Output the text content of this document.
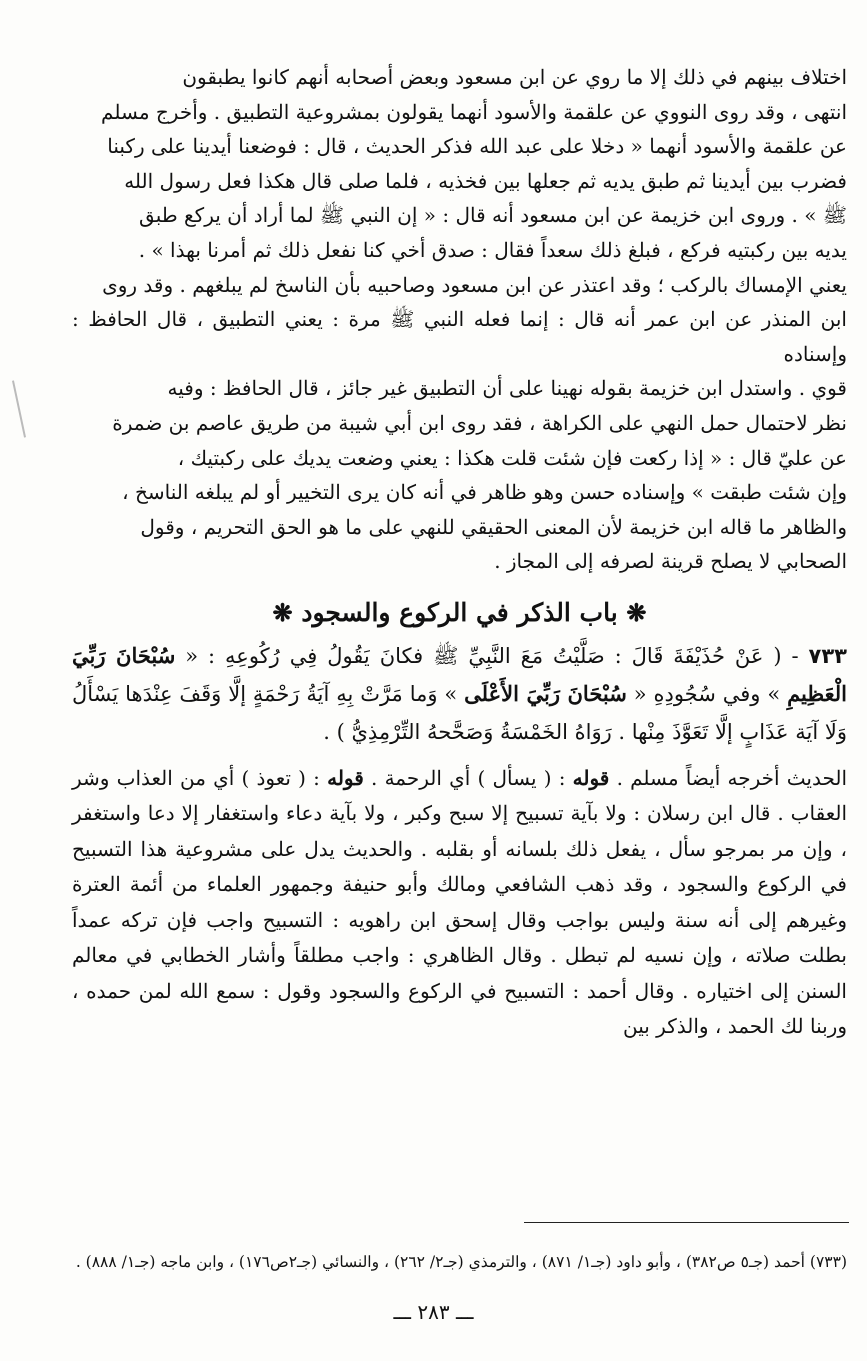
اختلاف بينهم في ذلك إلا ما روي عن ابن مسعود وبعض أصحابه أنهم كانوا يطبقون

انتهى ، وقد روى النووي عن علقمة والأسود أنهما يقولون بمشروعية التطبيق . وأخرج مسلم

عن علقمة والأسود أنهما « دخلا على عبد الله فذكر الحديث ، قال : فوضعنا أيدينا على ركبنا

فضرب بين أيدينا ثم طبق يديه ثم جعلها بين فخذيه ، فلما صلى قال هكذا فعل رسول الله

ﷺ » . وروى ابن خزيمة عن ابن مسعود أنه قال : « إن النبي ﷺ لما أراد أن يركع طبق

يديه بين ركبتيه فركع ، فبلغ ذلك سعداً فقال : صدق أخي كنا نفعل ذلك ثم أمرنا بهذا » .

يعني الإمساك بالركب ؛ وقد اعتذر عن ابن مسعود وصاحبيه بأن الناسخ لم يبلغهم . وقد روى

ابن المنذر عن ابن عمر أنه قال : إنما فعله النبي ﷺ مرة : يعني التطبيق ، قال الحافظ : وإسناده

قوي . واستدل ابن خزيمة بقوله نهينا على أن التطبيق غير جائز ، قال الحافظ : وفيه

نظر لاحتمال حمل النهي على الكراهة ، فقد روى ابن أبي شيبة من طريق عاصم بن ضمرة

عن عليّ قال : « إذا ركعت فإن شئت قلت هكذا : يعني وضعت يديك على ركبتيك ،

وإن شئت طبقت » وإسناده حسن وهو ظاهر في أنه كان يرى التخيير أو لم يبلغه الناسخ ،

والظاهر ما قاله ابن خزيمة لأن المعنى الحقيقي للنهي على ما هو الحق التحريم ، وقول

الصحابي لا يصلح قرينة لصرفه إلى المجاز .

❋ باب الذكر في الركوع والسجود ❋

٧٣٣ - ( عَنْ حُذَيْفَةَ قَالَ : صَلَّيْتُ مَعَ النَّبِيِّ ﷺ فكانَ يَقُولُ فِي رُكُوعِهِ : « سُبْحَانَ رَبِّيَ الْعَظِيمِ » وفي سُجُودِهِ « سُبْحَانَ رَبِّيَ الأَعْلَى » وَما مَرَّتْ بِهِ آيَةُ رَحْمَةٍ إلَّا وَقَفَ عِنْدَها يَسْأَلُ وَلَا آيَة عَذَابٍ إلَّا تَعَوَّذَ مِنْها . رَوَاهُ الخَمْسَةُ وَصَحَّحهُ التِّرْمِذِيُّ ) .

الحديث أخرجه أيضاً مسلم . قوله : ( يسأل ) أي الرحمة . قوله : ( تعوذ ) أي من العذاب وشر العقاب . قال ابن رسلان : ولا بآية تسبيح إلا سبح وكبر ، ولا بآية دعاء واستغفار إلا دعا واستغفر ، وإن مر بمرجو سأل ، يفعل ذلك بلسانه أو بقلبه . والحديث يدل على مشروعية هذا التسبيح في الركوع والسجود ، وقد ذهب الشافعي ومالك وأبو حنيفة وجمهور العلماء من أئمة العترة وغيرهم إلى أنه سنة وليس بواجب وقال إسحق ابن راهويه : التسبيح واجب فإن تركه عمداً بطلت صلاته ، وإن نسيه لم تبطل . وقال الظاهري : واجب مطلقاً وأشار الخطابي في معالم السنن إلى اختياره . وقال أحمد : التسبيح في الركوع والسجود وقول : سمع الله لمن حمده ، وربنا لك الحمد ، والذكر بين

(٧٣٣) أحمد (جـ٥ ص٣٨٢) ، وأبو داود (جـ١/ ٨٧١) ، والترمذي (جـ٢/ ٢٦٢) ، والنسائي (جـ٢ص١٧٦) ، وابن ماجه (جـ١/ ٨٨٨) .

ـــ ٢٨٣ ـــ
